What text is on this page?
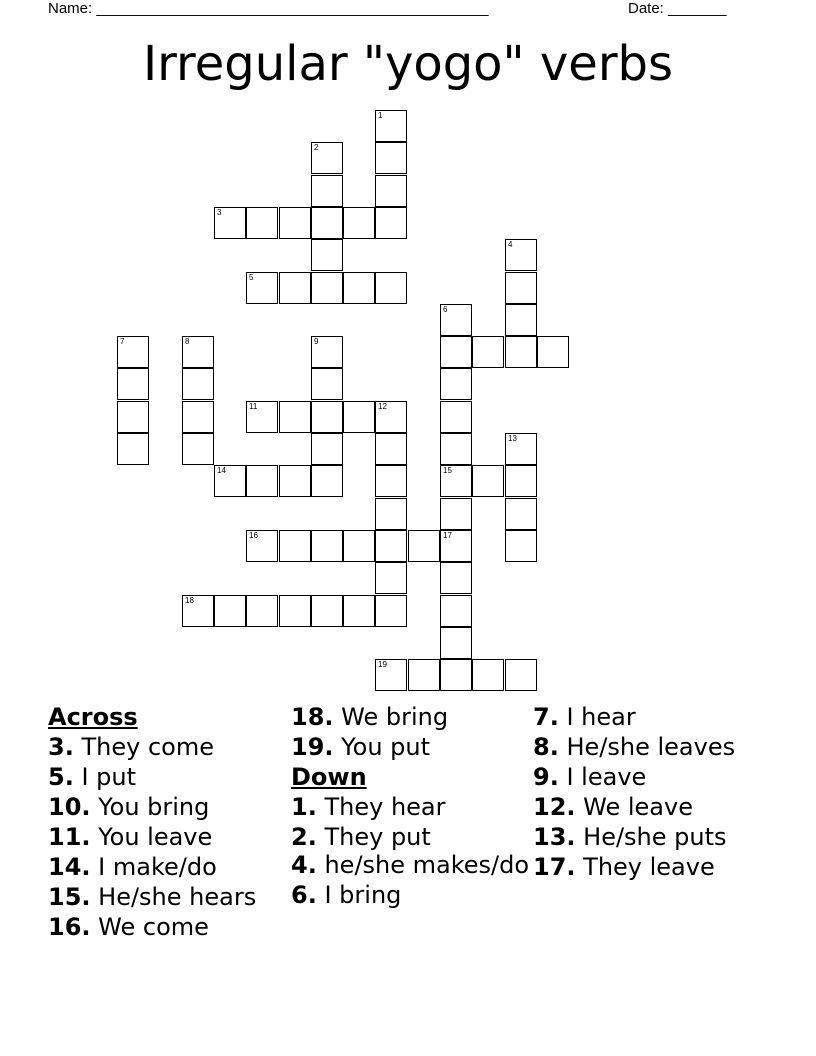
Name: _______________________________________________	Date: _______
Irregular "yogo" verbs
1
2
3
4
5
6
15
7	8	9
11	12
13
14
16	17
18
19
Across
3. They come
5. I put
10. You bring
11. You leave
14. I make/do
15. He/she hears
16. We come
18. We bring
19. You put
Down
1. They hear
2. They put
4. he/she makes/do
6. I bring
7. I hear
8. He/she leaves
9. I leave
12. We leave
13. He/she puts
17. They leave
